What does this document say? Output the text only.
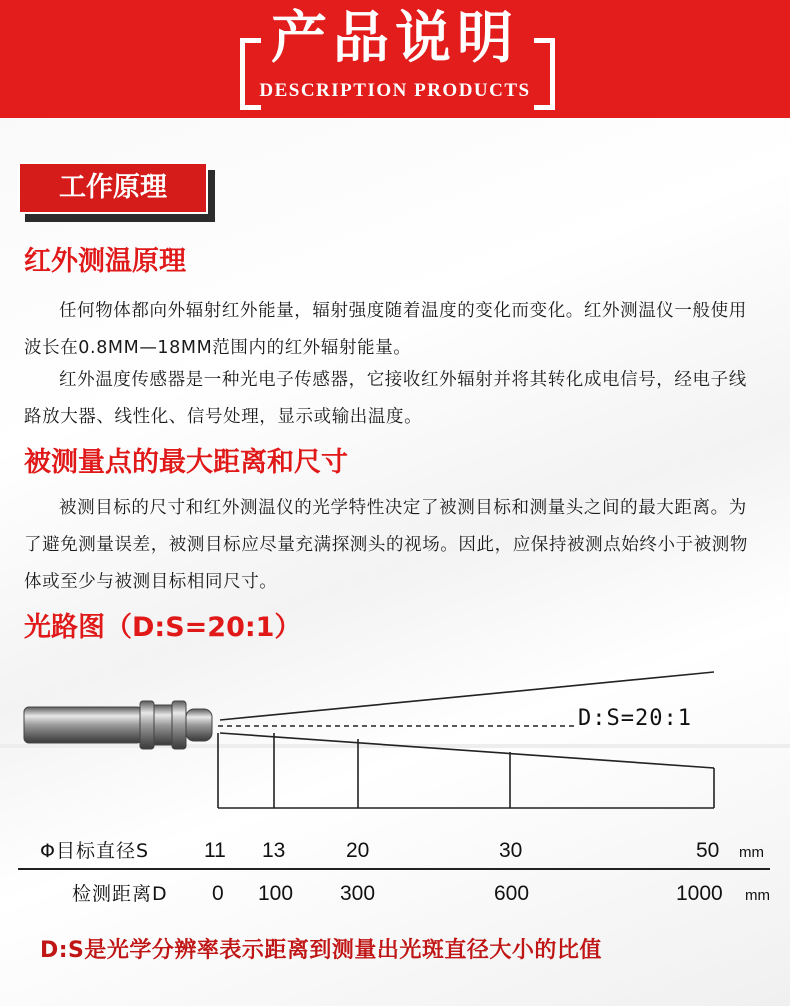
产品说明
DESCRIPTION PRODUCTS
工作原理
红外测温原理
任何物体都向外辐射红外能量，辐射强度随着温度的变化而变化。红外测温仪一般使用波长在0.8MM—18MM范围内的红外辐射能量。
红外温度传感器是一种光电子传感器，它接收红外辐射并将其转化成电信号，经电子线路放大器、线性化、信号处理，显示或输出温度。
被测量点的最大距离和尺寸
被测目标的尺寸和红外测温仪的光学特性决定了被测目标和测量头之间的最大距离。为了避免测量误差，被测目标应尽量充满探测头的视场。因此，应保持被测点始终小于被测物体或至少与被测目标相同尺寸。
光路图（D:S=20:1）
D:S=20:1
Φ目标直径S	11 13	20	30	50 mm
检测距离D 0 100 300	600	1000 mm
D:S是光学分辨率表示距离到测量出光斑直径大小的比值
